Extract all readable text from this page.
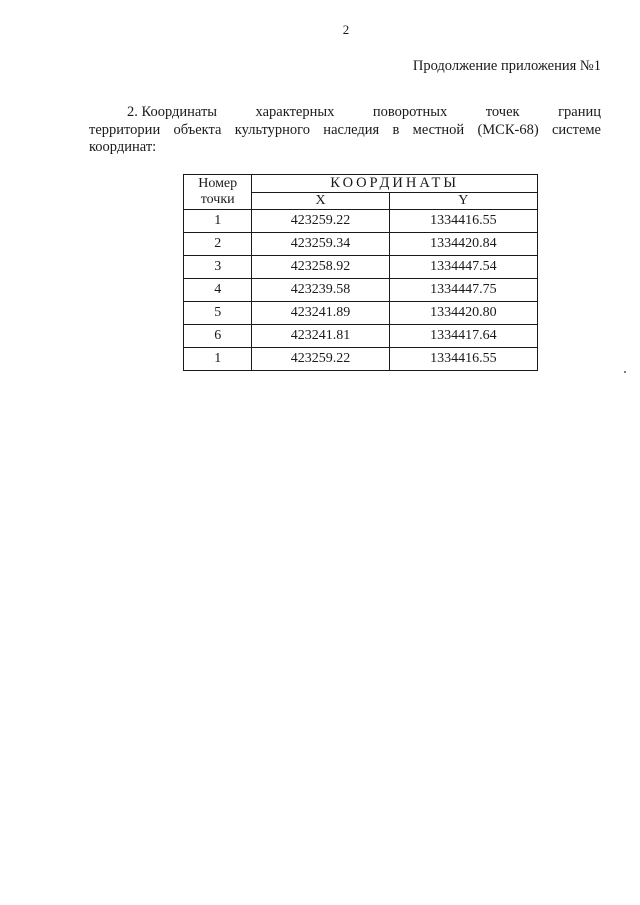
2
Продолжение приложения №1
2. Координаты	характерных	поворотных	точек	границ
территории объекта культурного наследия в местной (МСК-68) системе координат:
Номер точки	КООРДИНАТЫ	
	X	Y
1	423259.22	1334416.55
2	423259.34	1334420.84
3	423258.92	1334447.54
4	423239.58	1334447.75
5	423241.89	1334420.80
6	423241.81	1334417.64
1	423259.22	1334416.55
